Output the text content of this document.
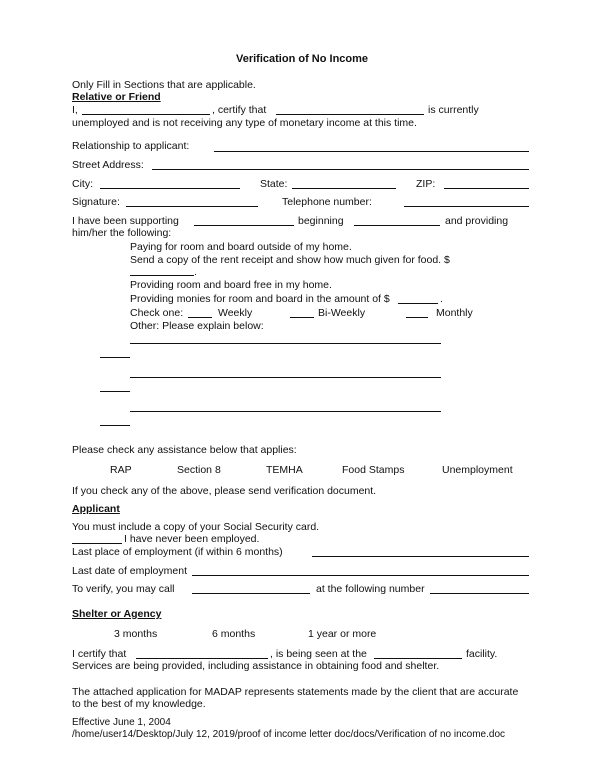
Verification of No Income
Only Fill in Sections that are applicable.
Relative or Friend
I,	, certify that	is currently
unemployed and is not receiving any type of monetary income at this time.
Relationship to applicant:
Street Address:
City:	State:	ZIP:
Signature:	Telephone number:
I have been supporting	beginning	and providing
him/her the following:
Paying for room and board outside of my home.
Send a copy of the rent receipt and show how much given for food. $
.
Providing room and board free in my home.
Providing monies for room and board in the amount of $	.
Check one:	Weekly	Bi-Weekly	Monthly
Other: Please explain below:
Please check any assistance below that applies:
RAP	Section 8	TEMHA	Food Stamps	Unemployment
If you check any of the above, please send verification document.
Applicant
You must include a copy of your Social Security card.
I have never been employed.
Last place of employment (if within 6 months)
Last date of employment
To verify, you may call	at the following number
Shelter or Agency
3 months	6 months	1 year or more
I certify that	, is being seen at the	facility.
Services are being provided, including assistance in obtaining food and shelter.
The attached application for MADAP represents statements made by the client that are accurate
to the best of my knowledge.
Effective June 1, 2004
/home/user14/Desktop/July 12, 2019/proof of income letter doc/docs/Verification of no income.doc
